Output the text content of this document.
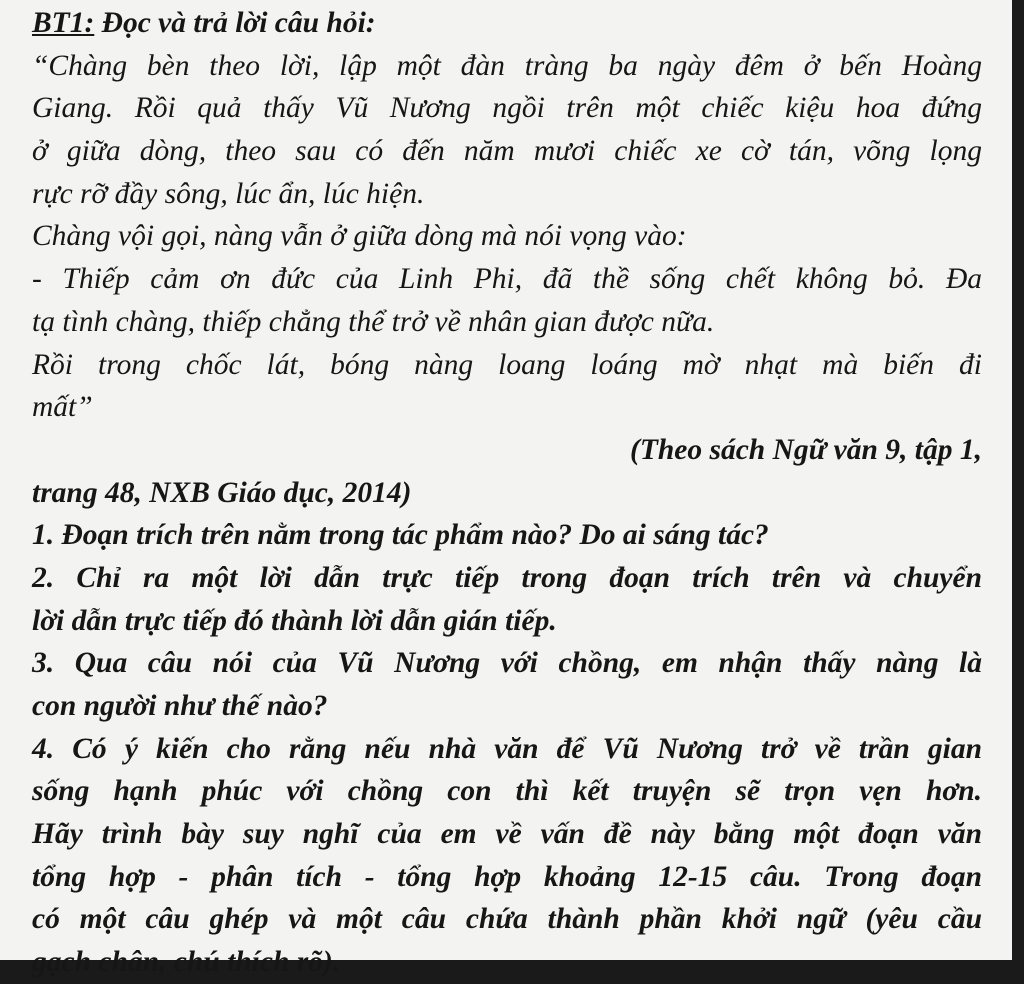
BT1: Đọc và trả lời câu hỏi:
“Chàng bèn theo lời, lập một đàn tràng ba ngày đêm ở bến Hoàng
Giang. Rồi quả thấy Vũ Nương ngồi trên một chiếc kiệu hoa đứng
ở giữa dòng, theo sau có đến năm mươi chiếc xe cờ tán, võng lọng
rực rỡ đầy sông, lúc ẩn, lúc hiện.
Chàng vội gọi, nàng vẫn ở giữa dòng mà nói vọng vào:
- Thiếp cảm ơn đức của Linh Phi, đã thề sống chết không bỏ. Đa
tạ tình chàng, thiếp chẳng thể trở về nhân gian được nữa.
Rồi trong chốc lát, bóng nàng loang loáng mờ nhạt mà biến đi
mất”
(Theo sách Ngữ văn 9, tập 1,
trang 48, NXB Giáo dục, 2014)
1. Đoạn trích trên nằm trong tác phẩm nào? Do ai sáng tác?
2. Chỉ ra một lời dẫn trực tiếp trong đoạn trích trên và chuyển
lời dẫn trực tiếp đó thành lời dẫn gián tiếp.
3. Qua câu nói của Vũ Nương với chồng, em nhận thấy nàng là
con người như thế nào?
4. Có ý kiến cho rằng nếu nhà văn để Vũ Nương trở về trần gian
sống hạnh phúc với chồng con thì kết truyện sẽ trọn vẹn hơn.
Hãy trình bày suy nghĩ của em về vấn đề này bằng một đoạn văn
tổng hợp - phân tích - tổng hợp khoảng 12-15 câu. Trong đoạn
có một câu ghép và một câu chứa thành phần khởi ngữ (yêu cầu
gạch chân, chú thích rõ).
